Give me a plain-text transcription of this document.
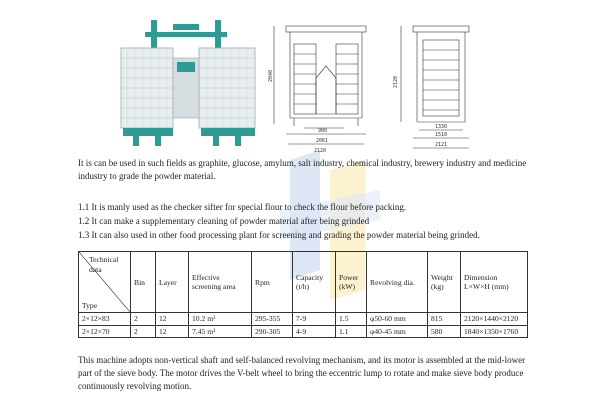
2040
980
2061
2120
2120
1330
1510
2121
It is can be used in such fields as graphite, glucose, amylum, salt industry, chemical industry, brewery industry and medicine industry to grade the powder material.
1.1 It is manly used as the checker sifter for special flour to check the flour before packing.
1.2 It can make a supplementary cleaning of powder material after being grinded
1.3 It can also used in other food processing plant for screening and grading the powder material being grinded.
Technical data
Type	Bin	Layer	Effective screening area	Rpm	Capacity (t/h)	Power (kW)	Revolving dia.	Weight (kg)	Dimension L×W×H (mm)
2×12×83	2	12	10.2 m²	295-355	7-9	1.5	φ50-60 mm	815	2120×1440×2120
2×12×70	2	12	7.45 m²	290-305	4-9	1.1	φ40-45 mm	580	1840×1350×1760
This machine adopts non-vertical shaft and self-balanced revolving mechanism, and its motor is assembled at the mid-lower part of the sieve body. The motor drives the V-belt wheel to bring the eccentric lump to rotate and make sieve body produce continuously revolving motion.
